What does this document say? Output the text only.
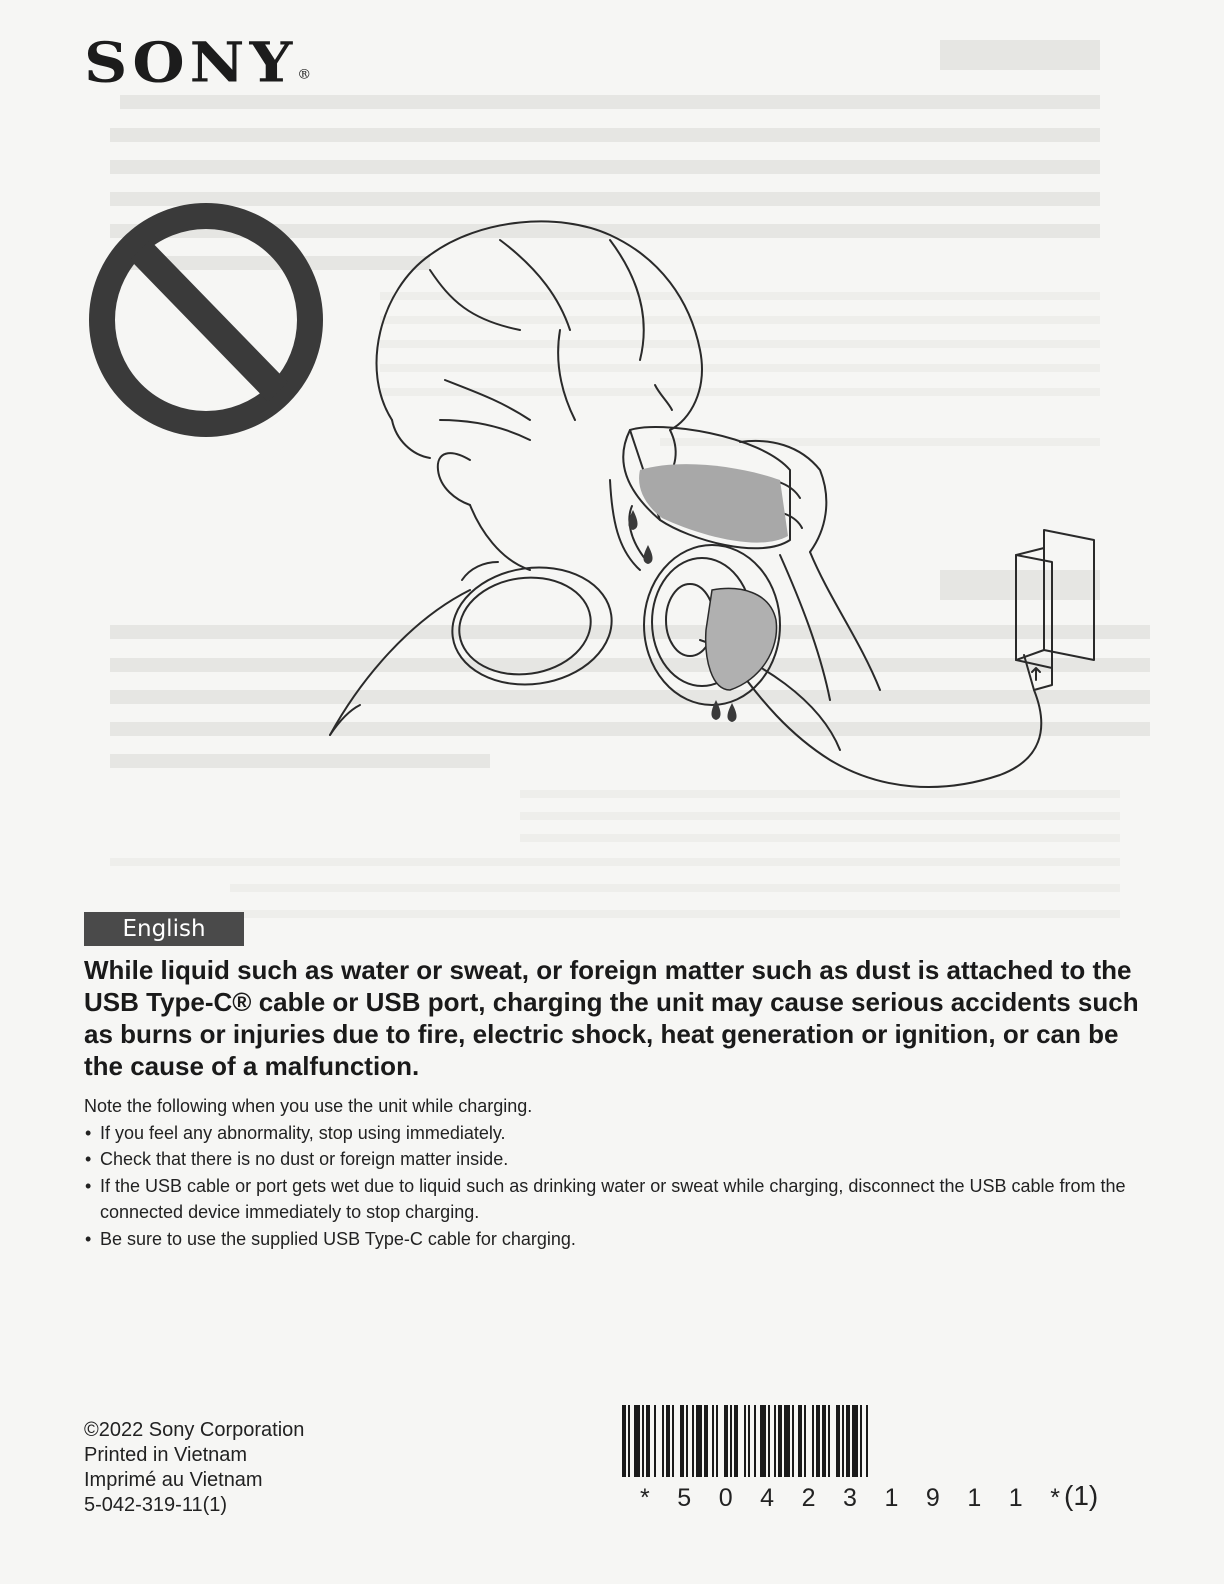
SONY®
English
While liquid such as water or sweat, or foreign matter such as dust is attached to the USB Type-C® cable or USB port, charging the unit may cause serious accidents such as burns or injuries due to fire, electric shock, heat generation or ignition, or can be the cause of a malfunction.

Note the following when you use the unit while charging.

• If you feel any abnormality, stop using immediately.
• Check that there is no dust or foreign matter inside.
• If the USB cable or port gets wet due to liquid such as drinking water or sweat while charging, disconnect the USB cable from the connected device immediately to stop charging.
• Be sure to use the supplied USB Type-C cable for charging.
©2022 Sony Corporation
Printed in Vietnam
Imprimé au Vietnam
5-042-319-11(1)	* 5 0 4 2 3 1 9 1 1 * (1)
